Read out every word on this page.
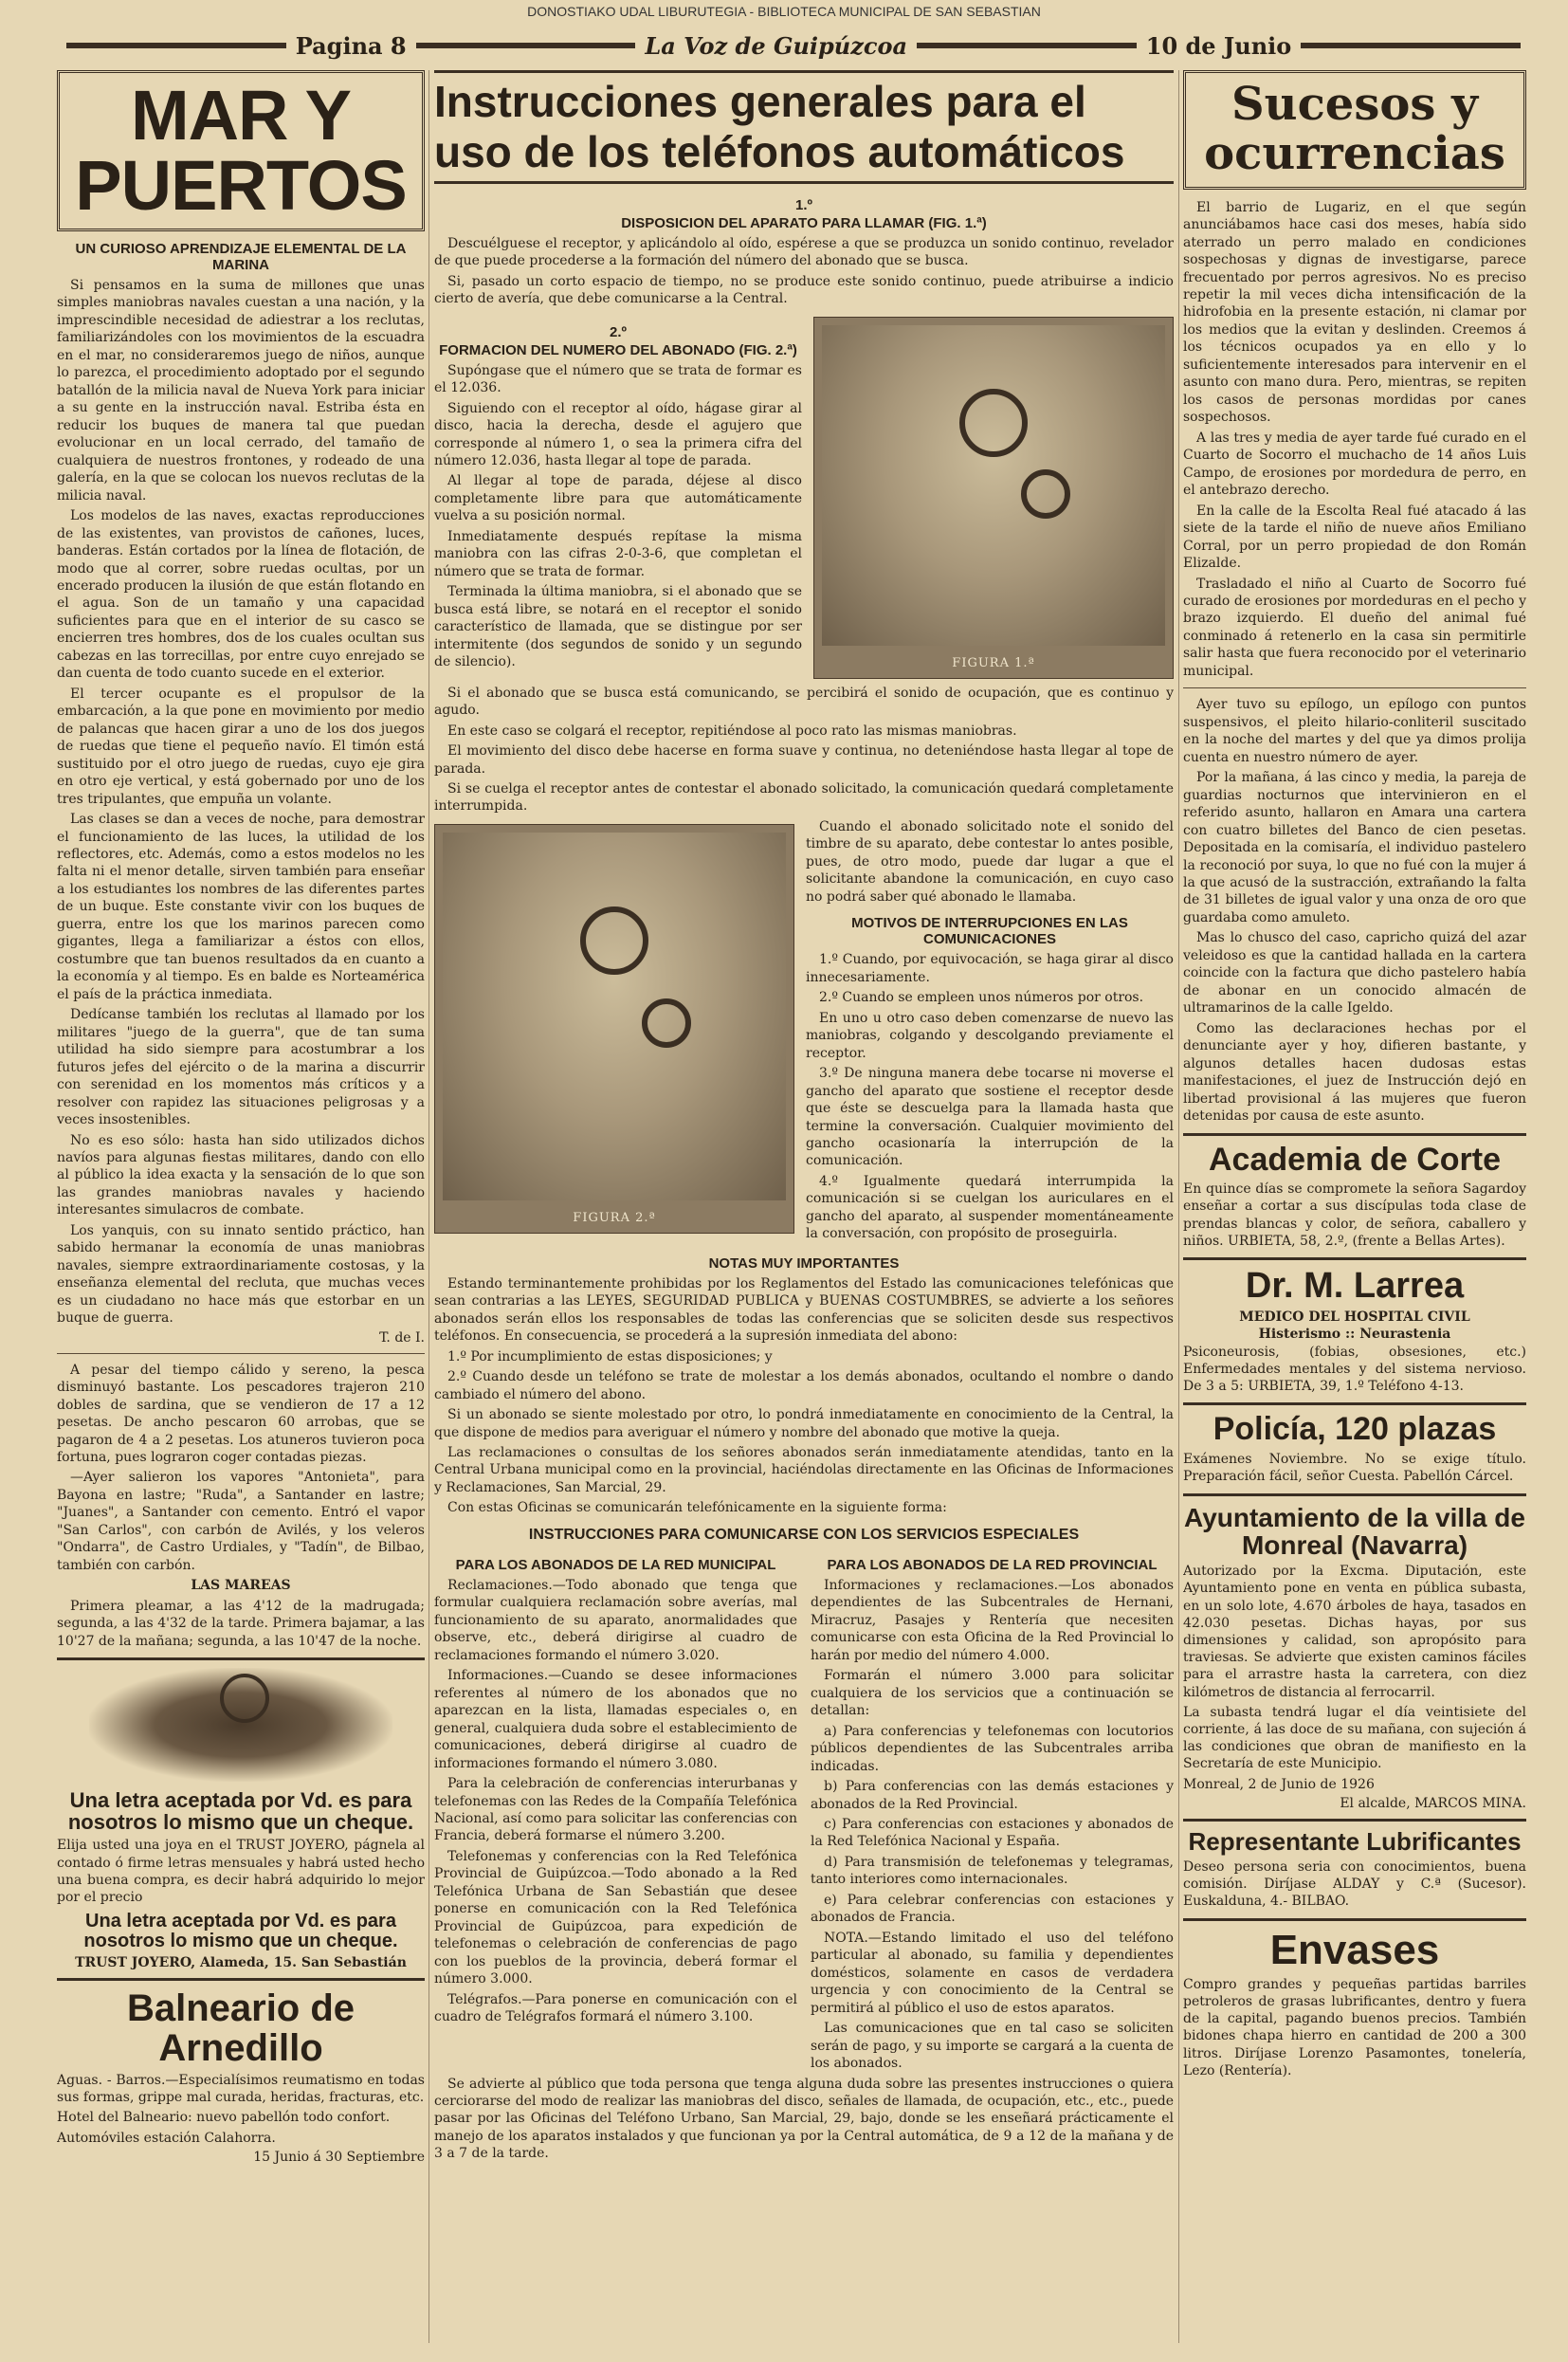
DONOSTIAKO UDAL LIBURUTEGIA - BIBLIOTECA MUNICIPAL DE SAN SEBASTIAN
Pagina 8	La Voz de Guipúzcoa	10 de Junio
MAR Y PUERTOS
UN CURIOSO APRENDIZAJE ELEMENTAL DE LA MARINA

Si pensamos en la suma de millones que unas simples maniobras navales cuestan a una nación, y la imprescindible necesidad de adiestrar a los reclutas, familiarizándoles con los movimientos de la escuadra en el mar, no consideraremos juego de niños, aunque lo parezca, el procedimiento adoptado por el segundo batallón de la milicia naval de Nueva York para iniciar a su gente en la instrucción naval. Estriba ésta en reducir los buques de manera tal que puedan evolucionar en un local cerrado, del tamaño de cualquiera de nuestros frontones, y rodeado de una galería, en la que se colocan los nuevos reclutas de la milicia naval.

Los modelos de las naves, exactas reproducciones de las existentes, van provistos de cañones, luces, banderas. Están cortados por la línea de flotación, de modo que al correr, sobre ruedas ocultas, por un encerado producen la ilusión de que están flotando en el agua. Son de un tamaño y una capacidad suficientes para que en el interior de su casco se encierren tres hombres, dos de los cuales ocultan sus cabezas en las torrecillas, por entre cuyo enrejado se dan cuenta de todo cuanto sucede en el exterior.

El tercer ocupante es el propulsor de la embarcación, a la que pone en movimiento por medio de palancas que hacen girar a uno de los dos juegos de ruedas que tiene el pequeño navío. El timón está sustituido por el otro juego de ruedas, cuyo eje gira en otro eje vertical, y está gobernado por uno de los tres tripulantes, que empuña un volante.

Las clases se dan a veces de noche, para demostrar el funcionamiento de las luces, la utilidad de los reflectores, etc. Además, como a estos modelos no les falta ni el menor detalle, sirven también para enseñar a los estudiantes los nombres de las diferentes partes de un buque. Este constante vivir con los buques de guerra, entre los que los marinos parecen como gigantes, llega a familiarizar a éstos con ellos, costumbre que tan buenos resultados da en cuanto a la economía y al tiempo. Es en balde es Norteamérica el país de la práctica inmediata.

Dedícanse también los reclutas al llamado por los militares "juego de la guerra", que de tan suma utilidad ha sido siempre para acostumbrar a los futuros jefes del ejército o de la marina a discurrir con serenidad en los momentos más críticos y a resolver con rapidez las situaciones peligrosas y a veces insostenibles.

No es eso sólo: hasta han sido utilizados dichos navíos para algunas fiestas militares, dando con ello al público la idea exacta y la sensación de lo que son las grandes maniobras navales y haciendo interesantes simulacros de combate.

Los yanquis, con su innato sentido práctico, han sabido hermanar la economía de unas maniobras navales, siempre extraordinariamente costosas, y la enseñanza elemental del recluta, que muchas veces es un ciudadano no hace más que estorbar en un buque de guerra.

T. de I.

A pesar del tiempo cálido y sereno, la pesca disminuyó bastante. Los pescadores trajeron 210 dobles de sardina, que se vendieron de 17 a 12 pesetas. De ancho pescaron 60 arrobas, que se pagaron de 4 a 2 pesetas. Los atuneros tuvieron poca fortuna, pues lograron coger contadas piezas.

—Ayer salieron los vapores "Antonieta", para Bayona en lastre; "Ruda", a Santander en lastre; "Juanes", a Santander con cemento. Entró el vapor "San Carlos", con carbón de Avilés, y los veleros "Ondarra", de Castro Urdiales, y "Tadín", de Bilbao, también con carbón.

LAS MAREAS

Primera pleamar, a las 4'12 de la madrugada; segunda, a las 4'32 de la tarde. Primera bajamar, a las 10'27 de la mañana; segunda, a las 10'47 de la noche.

Una letra aceptada por Vd. es para nosotros lo mismo que un cheque.
Elija usted una joya en el TRUST JOYERO, págnela al contado ó firme letras mensuales y habrá usted hecho una buena compra, es decir habrá adquirido lo mejor por el precio
Una letra aceptada por Vd. es para nosotros lo mismo que un cheque.
TRUST JOYERO, Alameda, 15. San Sebastián
Balneario de Arnedillo
Aguas. - Barros.—Especialísimos reumatismo en todas sus formas, grippe mal curada, heridas, fracturas, etc.
Hotel del Balneario: nuevo pabellón todo confort.
Automóviles estación Calahorra.
15 Junio á 30 Septiembre
Instrucciones generales para el uso de los teléfonos automáticos
1.º
DISPOSICION DEL APARATO PARA LLAMAR (FIG. 1.ª)

Descuélguese el receptor, y aplicándolo al oído, espérese a que se produzca un sonido continuo, revelador de que puede procederse a la formación del número del abonado que se busca.

Si, pasado un corto espacio de tiempo, no se produce este sonido continuo, puede atribuirse a indicio cierto de avería, que debe comunicarse a la Central.

2.º
FORMACION DEL NUMERO DEL ABONADO (FIG. 2.ª)

Supóngase que el número que se trata de formar es el 12.036.

Siguiendo con el receptor al oído, hágase girar al disco, hacia la derecha, desde el agujero que corresponde al número 1, o sea la primera cifra del número 12.036, hasta llegar al tope de parada.

Al llegar al tope de parada, déjese al disco completamente libre para que automáticamente vuelva a su posición normal.

Inmediatamente después repítase la misma maniobra con las cifras 2-0-3-6, que completan el número que se trata de formar.

Terminada la última maniobra, si el abonado que se busca está libre, se notará en el receptor el sonido característico de llamada, que se distingue por ser intermitente (dos segundos de sonido y un segundo de silencio).	FIGURA 1.ª

Si el abonado que se busca está comunicando, se percibirá el sonido de ocupación, que es continuo y agudo.

En este caso se colgará el receptor, repitiéndose al poco rato las mismas maniobras.

El movimiento del disco debe hacerse en forma suave y continua, no deteniéndose hasta llegar al tope de parada.

Si se cuelga el receptor antes de contestar el abonado solicitado, la comunicación quedará completamente interrumpida.

FIGURA 2.ª

Cuando el abonado solicitado note el sonido del timbre de su aparato, debe contestar lo antes posible, pues, de otro modo, puede dar lugar a que el solicitante abandone la comunicación, en cuyo caso no podrá saber qué abonado le llamaba.

MOTIVOS DE INTERRUPCIONES EN LAS COMUNICACIONES

1.º Cuando, por equivocación, se haga girar al disco innecesariamente.

2.º Cuando se empleen unos números por otros.

En uno u otro caso deben comenzarse de nuevo las maniobras, colgando y descolgando previamente el receptor.

3.º De ninguna manera debe tocarse ni moverse el gancho del aparato que sostiene el receptor desde que éste se descuelga para la llamada hasta que termine la conversación. Cualquier movimiento del gancho ocasionaría la interrupción de la comunicación.

4.º Igualmente quedará interrumpida la comunicación si se cuelgan los auriculares en el gancho del aparato, al suspender momentáneamente la conversación, con propósito de proseguirla.

NOTAS MUY IMPORTANTES

Estando terminantemente prohibidas por los Reglamentos del Estado las comunicaciones telefónicas que sean contrarias a las LEYES, SEGURIDAD PUBLICA y BUENAS COSTUMBRES, se advierte a los señores abonados serán ellos los responsables de todas las conferencias que se soliciten desde sus respectivos teléfonos. En consecuencia, se procederá a la supresión inmediata del abono:

1.º Por incumplimiento de estas disposiciones; y

2.º Cuando desde un teléfono se trate de molestar a los demás abonados, ocultando el nombre o dando cambiado el número del abono.

Si un abonado se siente molestado por otro, lo pondrá inmediatamente en conocimiento de la Central, la que dispone de medios para averiguar el número y nombre del abonado que motive la queja.

Las reclamaciones o consultas de los señores abonados serán inmediatamente atendidas, tanto en la Central Urbana municipal como en la provincial, haciéndolas directamente en las Oficinas de Informaciones y Reclamaciones, San Marcial, 29.

Con estas Oficinas se comunicarán telefónicamente en la siguiente forma:

INSTRUCCIONES PARA COMUNICARSE CON LOS SERVICIOS ESPECIALES
PARA LOS ABONADOS DE LA RED MUNICIPAL

Reclamaciones.—Todo abonado que tenga que formular cualquiera reclamación sobre averías, mal funcionamiento de su aparato, anormalidades que observe, etc., deberá dirigirse al cuadro de reclamaciones formando el número 3.020.

Informaciones.—Cuando se desee informaciones referentes al número de los abonados que no aparezcan en la lista, llamadas especiales o, en general, cualquiera duda sobre el establecimiento de comunicaciones, deberá dirigirse al cuadro de informaciones formando el número 3.080.

Para la celebración de conferencias interurbanas y telefonemas con las Redes de la Compañía Telefónica Nacional, así como para solicitar las conferencias con Francia, deberá formarse el número 3.200.

Telefonemas y conferencias con la Red Telefónica Provincial de Guipúzcoa.—Todo abonado a la Red Telefónica Urbana de San Sebastián que desee ponerse en comunicación con la Red Telefónica Provincial de Guipúzcoa, para expedición de telefonemas o celebración de conferencias de pago con los pueblos de la provincia, deberá formar el número 3.000.

Telégrafos.—Para ponerse en comunicación con el cuadro de Telégrafos formará el número 3.100.

PARA LOS ABONADOS DE LA RED PROVINCIAL

Informaciones y reclamaciones.—Los abonados dependientes de las Subcentrales de Hernani, Miracruz, Pasajes y Rentería que necesiten comunicarse con esta Oficina de la Red Provincial lo harán por medio del número 4.000.

Formarán el número 3.000 para solicitar cualquiera de los servicios que a continuación se detallan:

a) Para conferencias y telefonemas con locutorios públicos dependientes de las Subcentrales arriba indicadas.

b) Para conferencias con las demás estaciones y abonados de la Red Provincial.

c) Para conferencias con estaciones y abonados de la Red Telefónica Nacional y España.

d) Para transmisión de telefonemas y telegramas, tanto interiores como internacionales.

e) Para celebrar conferencias con estaciones y abonados de Francia.

NOTA.—Estando limitado el uso del teléfono particular al abonado, su familia y dependientes domésticos, solamente en casos de verdadera urgencia y con conocimiento de la Central se permitirá al público el uso de estos aparatos.

Las comunicaciones que en tal caso se soliciten serán de pago, y su importe se cargará a la cuenta de los abonados.

Se advierte al público que toda persona que tenga alguna duda sobre las presentes instrucciones o quiera cerciorarse del modo de realizar las maniobras del disco, señales de llamada, de ocupación, etc., etc., puede pasar por las Oficinas del Teléfono Urbano, San Marcial, 29, bajo, donde se les enseñará prácticamente el manejo de los aparatos instalados y que funcionan ya por la Central automática, de 9 a 12 de la mañana y de 3 a 7 de la tarde.

Sucesos y ocurrencias

El barrio de Lugariz, en el que según anunciábamos hace casi dos meses, había sido aterrado un perro malado en condiciones sospechosas y dignas de investigarse, parece frecuentado por perros agresivos. No es preciso repetir la mil veces dicha intensificación de la hidrofobia en la presente estación, ni clamar por los medios que la evitan y deslinden. Creemos á los técnicos ocupados ya en ello y lo suficientemente interesados para intervenir en el asunto con mano dura. Pero, mientras, se repiten los casos de personas mordidas por canes sospechosos.

A las tres y media de ayer tarde fué curado en el Cuarto de Socorro el muchacho de 14 años Luis Campo, de erosiones por mordedura de perro, en el antebrazo derecho.

En la calle de la Escolta Real fué atacado á las siete de la tarde el niño de nueve años Emiliano Corral, por un perro propiedad de don Román Elizalde.

Trasladado el niño al Cuarto de Socorro fué curado de erosiones por mordeduras en el pecho y brazo izquierdo. El dueño del animal fué conminado á retenerlo en la casa sin permitirle salir hasta que fuera reconocido por el veterinario municipal.

Ayer tuvo su epílogo, un epílogo con puntos suspensivos, el pleito hilario-conliteril suscitado en la noche del martes y del que ya dimos prolija cuenta en nuestro número de ayer.

Por la mañana, á las cinco y media, la pareja de guardias nocturnos que intervinieron en el referido asunto, hallaron en Amara una cartera con cuatro billetes del Banco de cien pesetas. Depositada en la comisaría, el individuo pastelero la reconoció por suya, lo que no fué con la mujer á la que acusó de la sustracción, extrañando la falta de 31 billetes de igual valor y una onza de oro que guardaba como amuleto.

Mas lo chusco del caso, capricho quizá del azar veleidoso es que la cantidad hallada en la cartera coincide con la factura que dicho pastelero había de abonar en un conocido almacén de ultramarinos de la calle Igeldo.

Como las declaraciones hechas por el denunciante ayer y hoy, difieren bastante, y algunos detalles hacen dudosas estas manifestaciones, el juez de Instrucción dejó en libertad provisional á las mujeres que fueron detenidas por causa de este asunto.

Academia de Corte
En quince días se compromete la señora Sagardoy enseñar a cortar a sus discípulas toda clase de prendas blancas y color, de señora, caballero y niños. URBIETA, 58, 2.º, (frente a Bellas Artes).
Dr. M. Larrea
MEDICO DEL HOSPITAL CIVIL
Histerismo :: Neurastenia
Psiconeurosis, (fobias, obsesiones, etc.) Enfermedades mentales y del sistema nervioso. De 3 a 5: URBIETA, 39, 1.º Teléfono 4-13.
Policía, 120 plazas
Exámenes Noviembre. No se exige título. Preparación fácil, señor Cuesta. Pabellón Cárcel.
Ayuntamiento de la villa de Monreal (Navarra)
Autorizado por la Excma. Diputación, este Ayuntamiento pone en venta en pública subasta, en un solo lote, 4.670 árboles de haya, tasados en 42.030 pesetas. Dichas hayas, por sus dimensiones y calidad, son apropósito para traviesas. Se advierte que existen caminos fáciles para el arrastre hasta la carretera, con diez kilómetros de distancia al ferrocarril.
La subasta tendrá lugar el día veintisiete del corriente, á las doce de su mañana, con sujeción á las condiciones que obran de manifiesto en la Secretaría de este Municipio.
Monreal, 2 de Junio de 1926
El alcalde, MARCOS MINA.
Representante Lubrificantes
Deseo persona seria con conocimientos, buena comisión. Diríjase ALDAY y C.ª (Sucesor). Euskalduna, 4.- BILBAO.
Envases
Compro grandes y pequeñas partidas barriles petroleros de grasas lubrificantes, dentro y fuera de la capital, pagando buenos precios. También bidones chapa hierro en cantidad de 200 a 300 litros. Diríjase Lorenzo Pasamontes, tonelería, Lezo (Rentería).
